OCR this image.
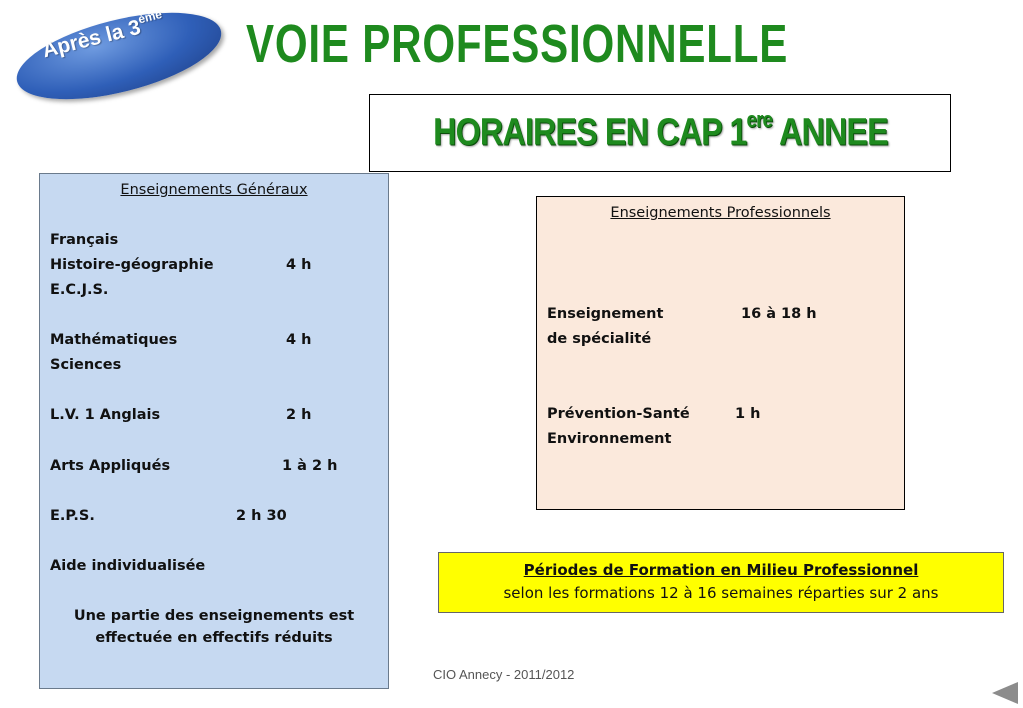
Après la 3ème VOIE PROFESSIONNELLE
HORAIRES EN CAP 1ere ANNEE
Enseignements Généraux
Français
Histoire-géographie	4 h
E.C.J.S.
Mathématiques	4 h
Sciences
L.V. 1 Anglais	2 h
Arts Appliqués	1 à 2 h
E.P.S.	2 h 30
Aide individualisée
Une partie des enseignements est
effectuée en effectifs réduits
Enseignements Professionnels
Enseignement	16 à 18 h
de spécialité
Prévention-Santé	1 h
Environnement
Périodes de Formation en Milieu Professionnel
selon les formations 12 à 16 semaines réparties sur 2 ans
CIO Annecy - 2011/2012
